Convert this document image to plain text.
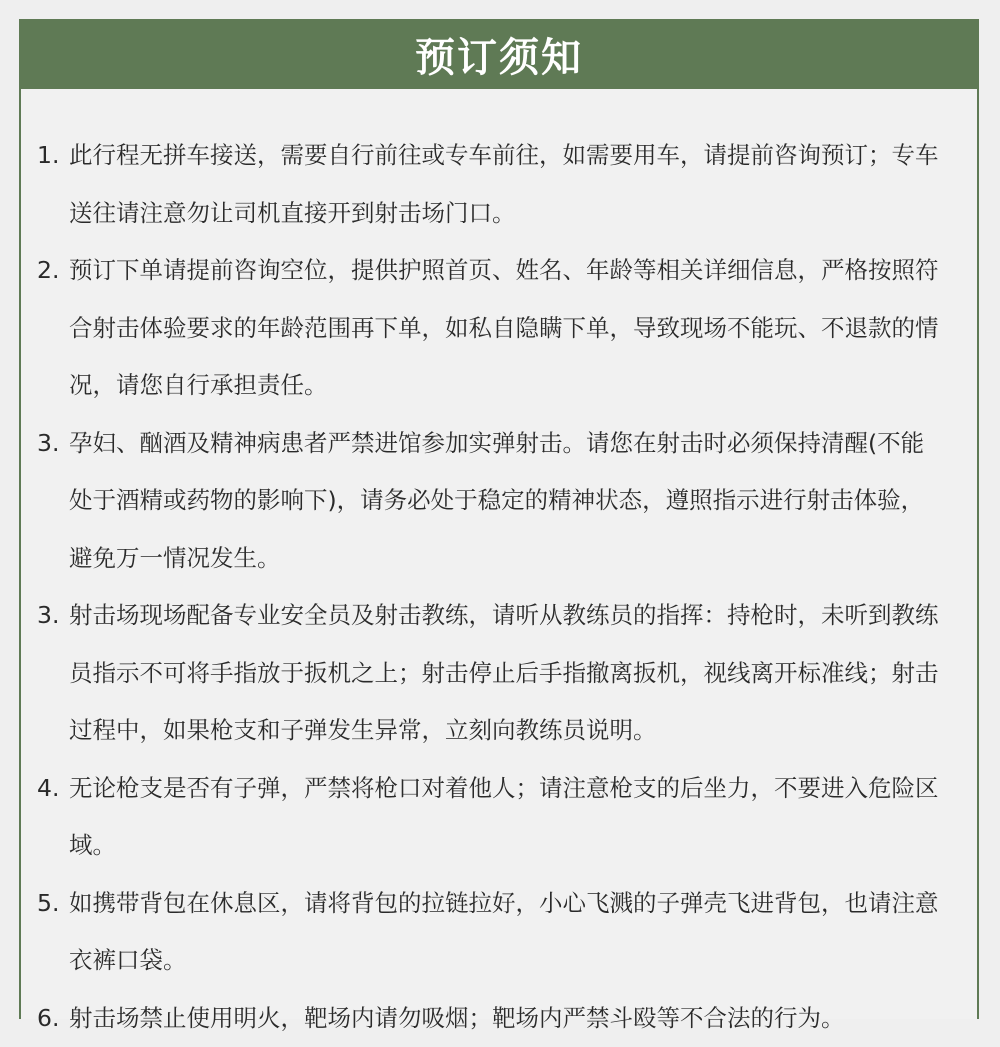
预订须知
1. 此行程无拼车接送，需要自行前往或专车前往，如需要用车，请提前咨询预订；专车送往请注意勿让司机直接开到射击场门口。
2. 预订下单请提前咨询空位，提供护照首页、姓名、年龄等相关详细信息，严格按照符合射击体验要求的年龄范围再下单，如私自隐瞒下单，导致现场不能玩、不退款的情况，请您自行承担责任。
3. 孕妇、酗酒及精神病患者严禁进馆参加实弹射击。请您在射击时必须保持清醒(不能处于酒精或药物的影响下)，请务必处于稳定的精神状态，遵照指示进行射击体验，避免万一情况发生。
3. 射击场现场配备专业安全员及射击教练，请听从教练员的指挥：持枪时，未听到教练员指示不可将手指放于扳机之上；射击停止后手指撤离扳机，视线离开标准线；射击过程中，如果枪支和子弹发生异常，立刻向教练员说明。
4. 无论枪支是否有子弹，严禁将枪口对着他人；请注意枪支的后坐力，不要进入危险区域。
5. 如携带背包在休息区，请将背包的拉链拉好，小心飞溅的子弹壳飞进背包，也请注意衣裤口袋。
6. 射击场禁止使用明火，靶场内请勿吸烟；靶场内严禁斗殴等不合法的行为。
